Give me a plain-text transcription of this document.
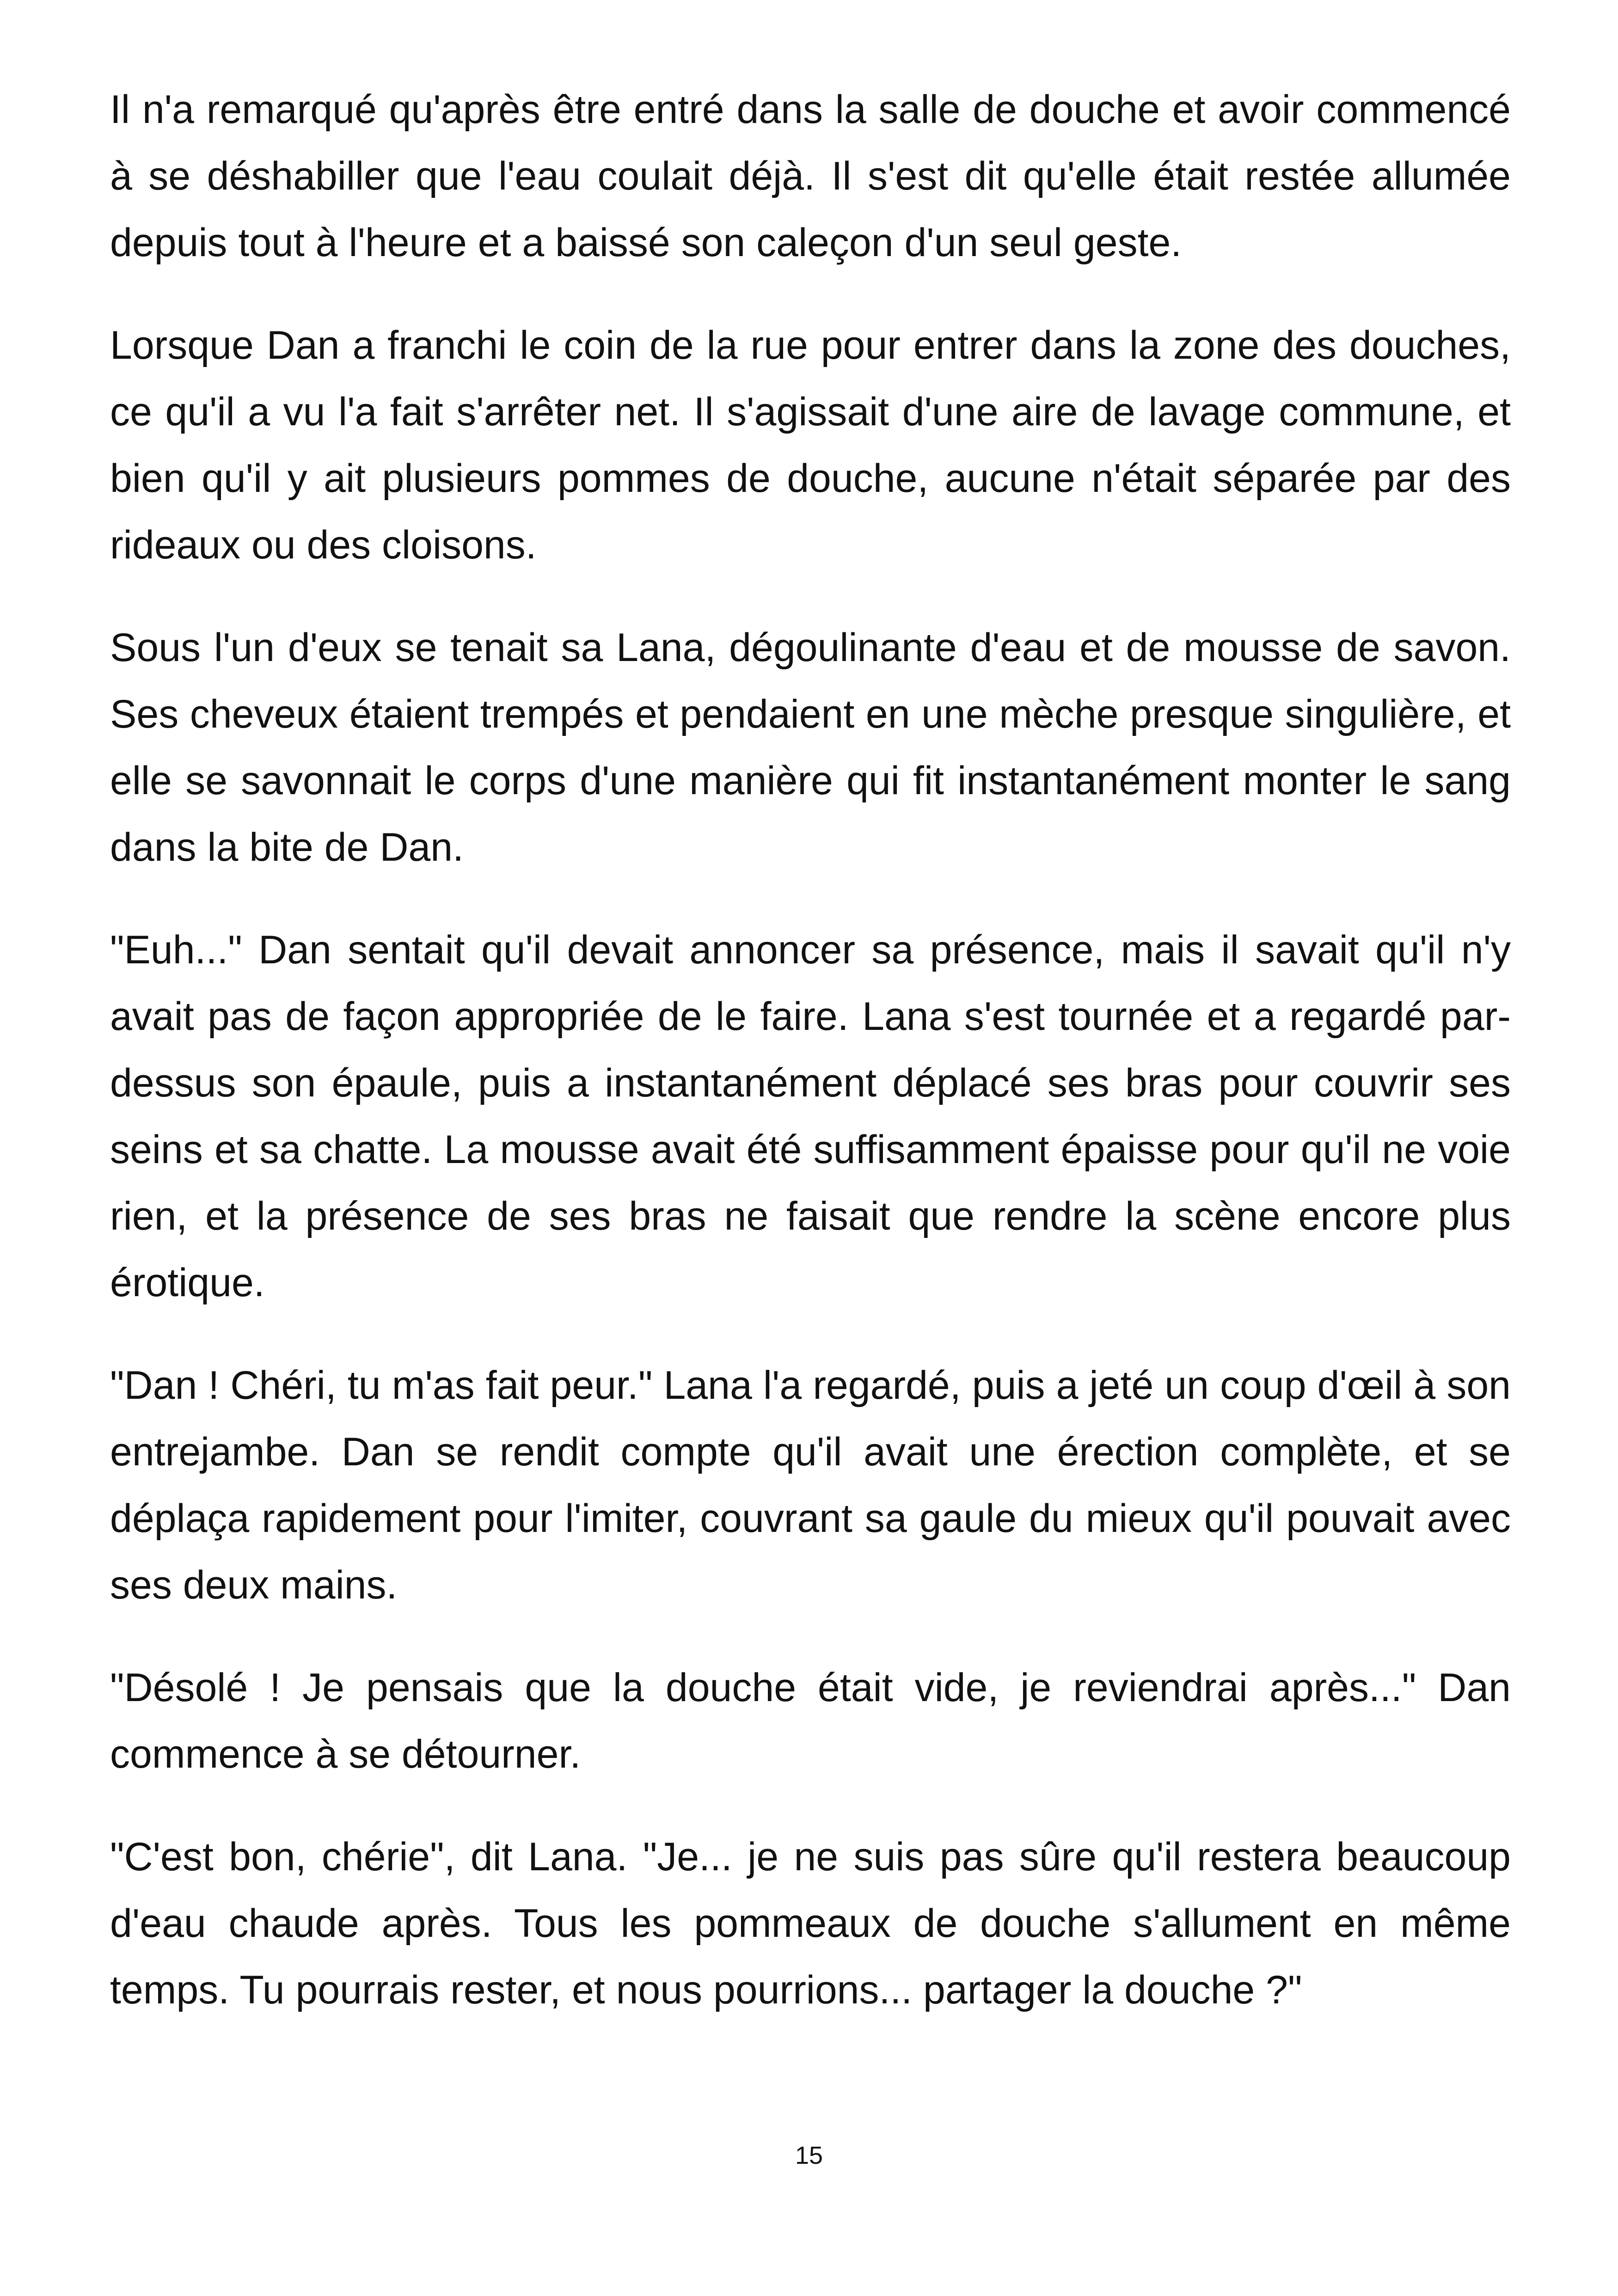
Il n'a remarqué qu'après être entré dans la salle de douche et avoir commencé à se déshabiller que l'eau coulait déjà. Il s'est dit qu'elle était restée allumée depuis tout à l'heure et a baissé son caleçon d'un seul geste.

Lorsque Dan a franchi le coin de la rue pour entrer dans la zone des douches, ce qu'il a vu l'a fait s'arrêter net. Il s'agissait d'une aire de lavage commune, et bien qu'il y ait plusieurs pommes de douche, aucune n'était séparée par des rideaux ou des cloisons.

Sous l'un d'eux se tenait sa Lana, dégoulinante d'eau et de mousse de savon. Ses cheveux étaient trempés et pendaient en une mèche presque singulière, et elle se savonnait le corps d'une manière qui fit instantanément monter le sang dans la bite de Dan.

"Euh..." Dan sentait qu'il devait annoncer sa présence, mais il savait qu'il n'y avait pas de façon appropriée de le faire. Lana s'est tournée et a regardé par-dessus son épaule, puis a instantanément déplacé ses bras pour couvrir ses seins et sa chatte. La mousse avait été suffisamment épaisse pour qu'il ne voie rien, et la présence de ses bras ne faisait que rendre la scène encore plus érotique.

"Dan ! Chéri, tu m'as fait peur." Lana l'a regardé, puis a jeté un coup d'œil à son entrejambe. Dan se rendit compte qu'il avait une érection complète, et se déplaça rapidement pour l'imiter, couvrant sa gaule du mieux qu'il pouvait avec ses deux mains.

"Désolé ! Je pensais que la douche était vide, je reviendrai après..." Dan commence à se détourner.

"C'est bon, chérie", dit Lana. "Je... je ne suis pas sûre qu'il restera beaucoup d'eau chaude après. Tous les pommeaux de douche s'allument en même temps. Tu pourrais rester, et nous pourrions... partager la douche ?"

15
